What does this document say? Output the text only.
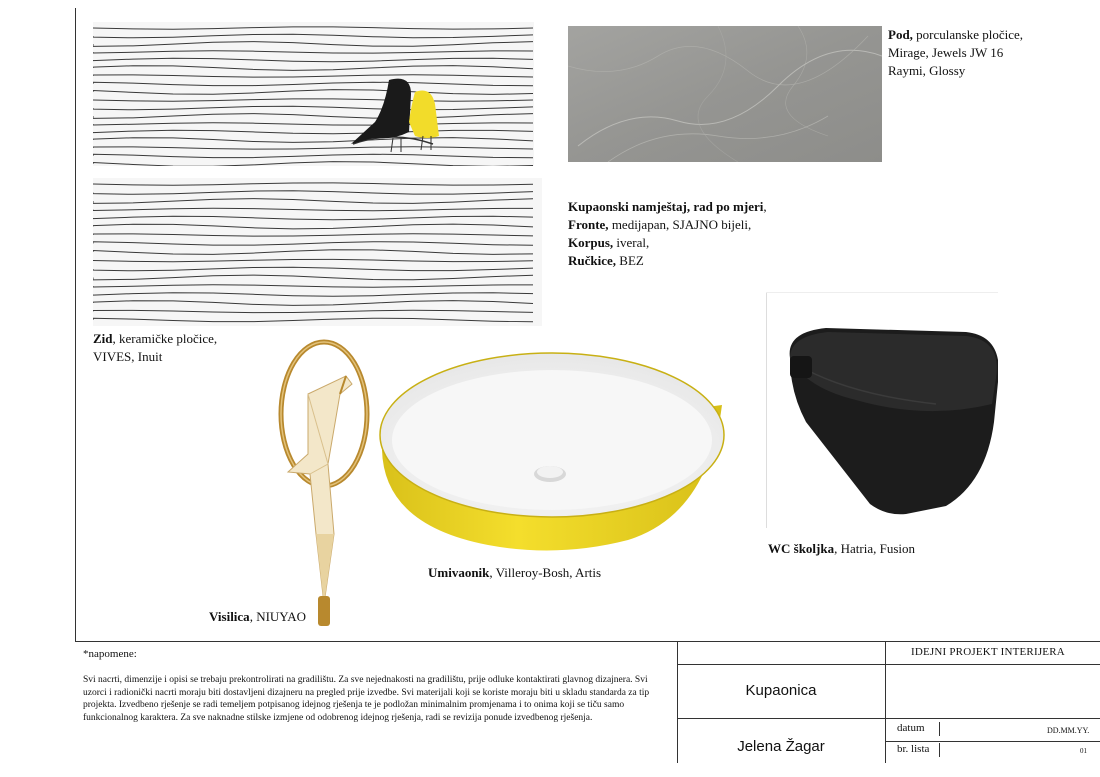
Pod, porculanske pločice,
Mirage, Jewels JW 16
Raymi, Glossy
Kupaonski namještaj, rad po mjeri,
Fronte, medijapan, SJAJNO bijeli,
Korpus, iveral,
Ručkice, BEZ
Zid, keramičke pločice,
VIVES, Inuit
Visilica, NIUYAO
Umivaonik, Villeroy-Bosh, Artis
WC školjka, Hatria, Fusion
*napomene:
Svi nacrti, dimenzije i opisi se trebaju prekontrolirati na gradilištu. Za sve nejednakosti na gradilištu, prije odluke kontaktirati glavnog dizajnera. Svi uzorci i radionički nacrti moraju biti dostavljeni dizajneru na pregled prije izvedbe. Svi materijali koji se koriste moraju biti u skladu standarda za tip projekta. Izvedbeno rješenje se radi temeljem potpisanog idejnog rješenja te je podložan minimalnim promjenama i to onima koji se tiču samo funkcionalnog karaktera. Za sve naknadne stilske izmjene od odobrenog idejnog rješenja, radi se revizija ponude izvedbenog rješenja.
IDEJNI PROJEKT INTERIJERA
Kupaonica
Jelena Žagar
datum	DD.MM.YY.
br. lista	01
